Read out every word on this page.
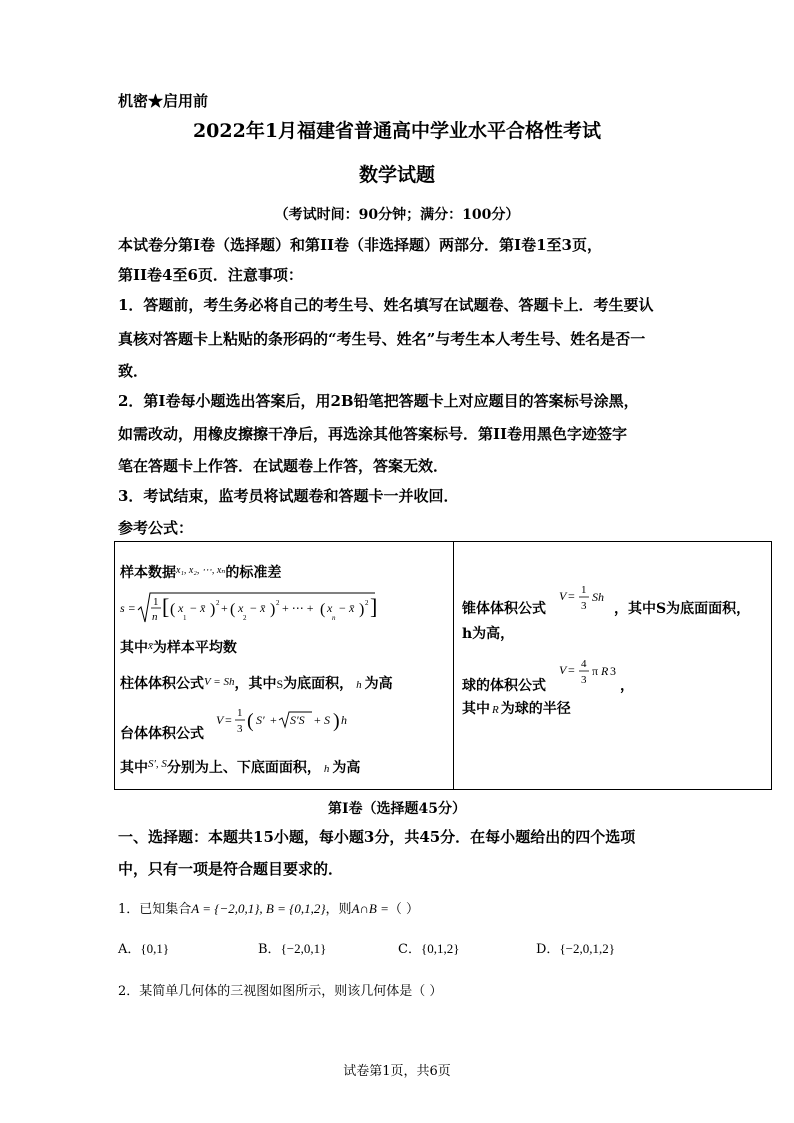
机密★启用前
2022年1月福建省普通高中学业水平合格性考试
数学试题
（考试时间：90分钟；满分：100分）
本试卷分第I卷（选择题）和第II卷（非选择题）两部分．第I卷1至3页，
第II卷4至6页．注意事项：
1．答题前，考生务必将自己的考生号、姓名填写在试题卷、答题卡上．考生要认
真核对答题卡上粘贴的条形码的“考生号、姓名”与考生本人考生号、姓名是否一
致．
2．第I卷每小题选出答案后，用2B铅笔把答题卡上对应题目的答案标号涂黑，
如需改动，用橡皮擦擦干净后，再选涂其他答案标号．第II卷用黑色字迹签字
笔在答题卡上作答．在试题卷上作答，答案无效．
3．考试结束，监考员将试题卷和答题卡一并收回．
参考公式：
样本数据$^{x_1, x_2, \cdots, x_n}$的标准差
s = 1
n [ ( x
1
− x̄ ) 2 + ( x
2
− x̄ ) 2 + ⋯ + ( x
n
− x̄ ) 2 ]
其中$^{x̄}$为样本平均数
柱体体积公式$^{V = Sh}$，其中S为底面积， h 为高
台体体积公式
V = 1
3 ( S′ + S′S + S ) h
其中$^{S', S}$分别为上、下底面面积， h 为高
锥体体积公式
V = 1
3
Sh
，其中S为底面面积，
h为高，
球的体积公式
V = 4
3
π R 3
，
其中 R 为球的半径
第I卷（选择题45分）
一、选择题：本题共15小题，每小题3分，共45分．在每小题给出的四个选项
中，只有一项是符合题目要求的．
1．已知集合A = {−2,0,1}, B = {0,1,2}，则A∩B =（ ）
A．{0,1}	B．{−2,0,1}	C．{0,1,2}	D．{−2,0,1,2}
2．某简单几何体的三视图如图所示，则该几何体是（ ）
试卷第1页，共6页
